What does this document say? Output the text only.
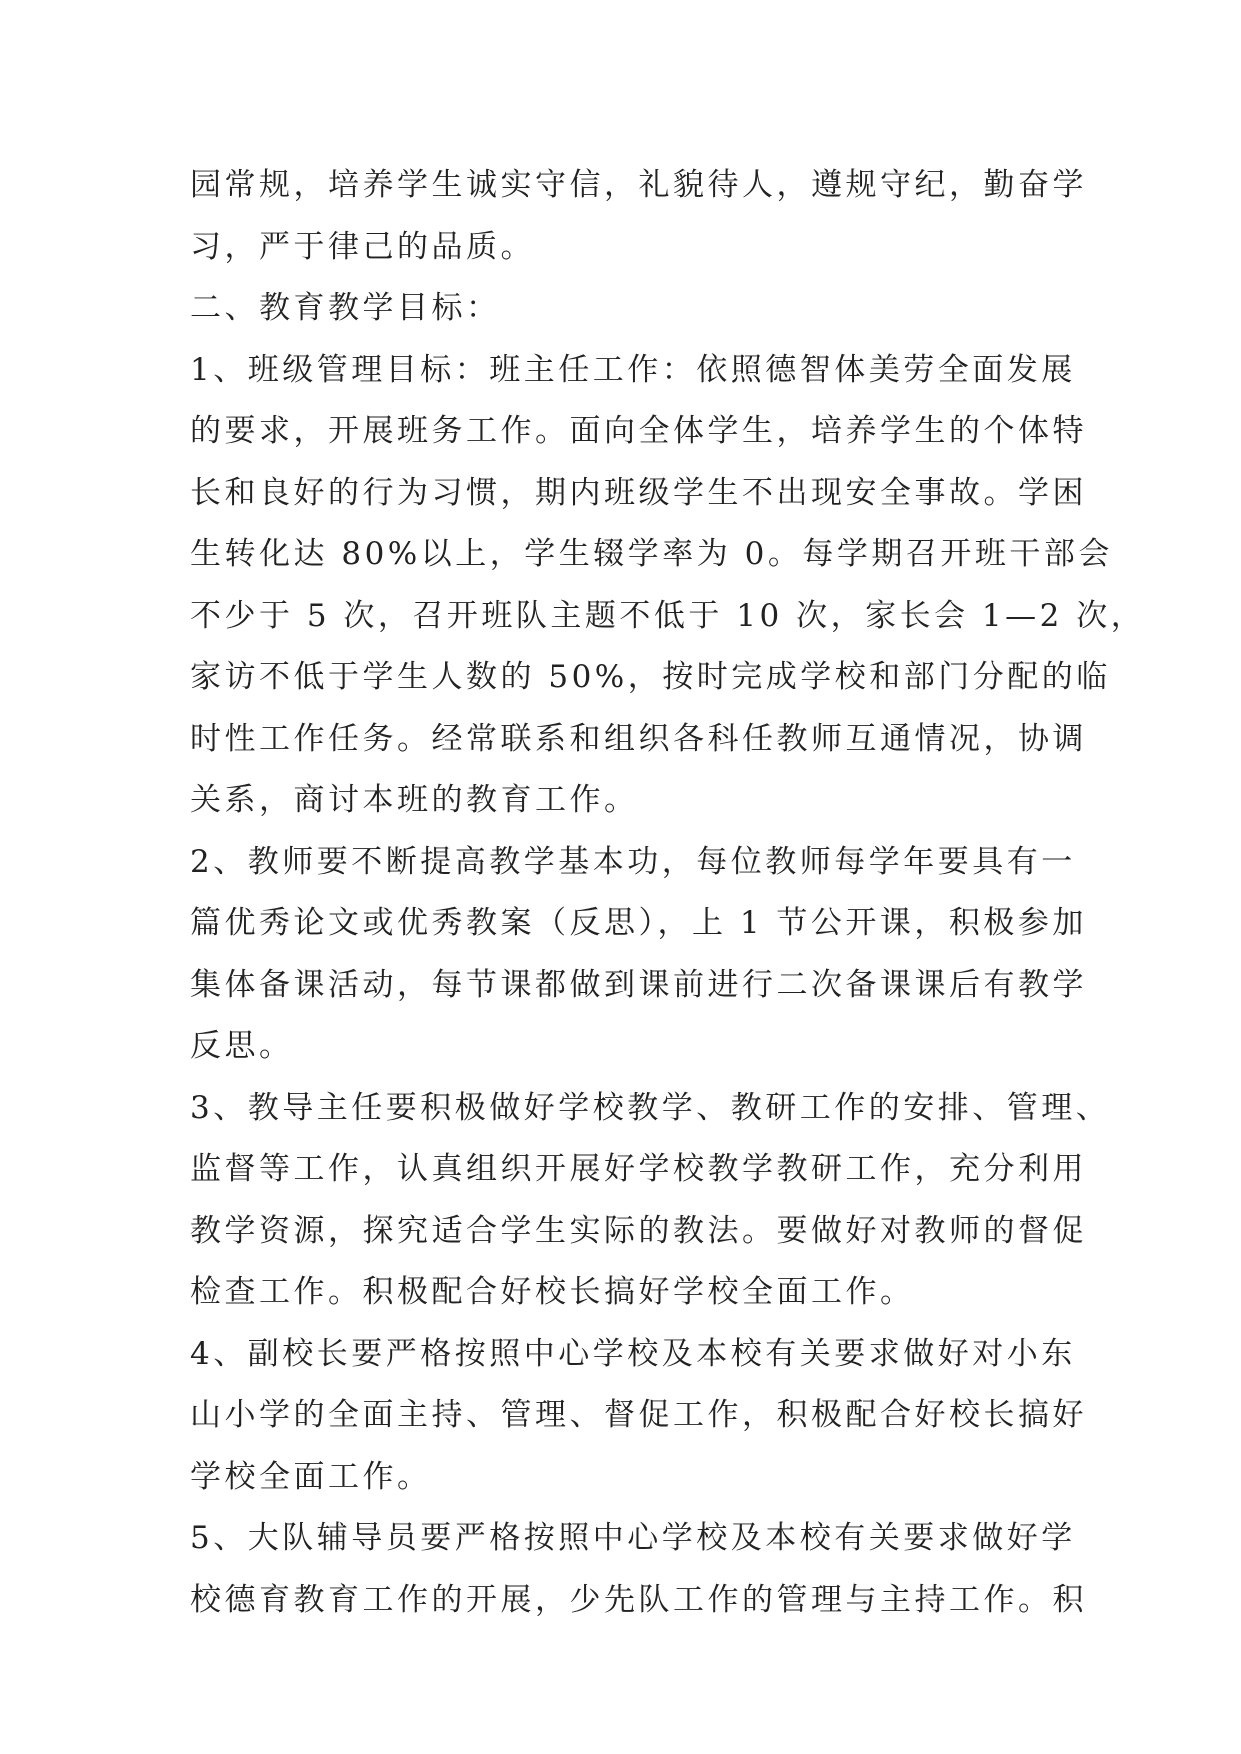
园常规，培养学生诚实守信，礼貌待人，遵规守纪，勤奋学
习，严于律己的品质。
二、教育教学目标：
1、班级管理目标：班主任工作：依照德智体美劳全面发展
的要求，开展班务工作。面向全体学生，培养学生的个体特
长和良好的行为习惯，期内班级学生不出现安全事故。学困
生转化达 80%以上，学生辍学率为 0。每学期召开班干部会
不少于 5 次，召开班队主题不低于 10 次，家长会 1—2 次，
家访不低于学生人数的 50%，按时完成学校和部门分配的临
时性工作任务。经常联系和组织各科任教师互通情况，协调
关系，商讨本班的教育工作。
2、教师要不断提高教学基本功，每位教师每学年要具有一
篇优秀论文或优秀教案（反思），上 1 节公开课，积极参加
集体备课活动，每节课都做到课前进行二次备课课后有教学
反思。
3、教导主任要积极做好学校教学、教研工作的安排、管理、
监督等工作，认真组织开展好学校教学教研工作，充分利用
教学资源，探究适合学生实际的教法。要做好对教师的督促
检查工作。积极配合好校长搞好学校全面工作。
4、副校长要严格按照中心学校及本校有关要求做好对小东
山小学的全面主持、管理、督促工作，积极配合好校长搞好
学校全面工作。
5、大队辅导员要严格按照中心学校及本校有关要求做好学
校德育教育工作的开展，少先队工作的管理与主持工作。积
